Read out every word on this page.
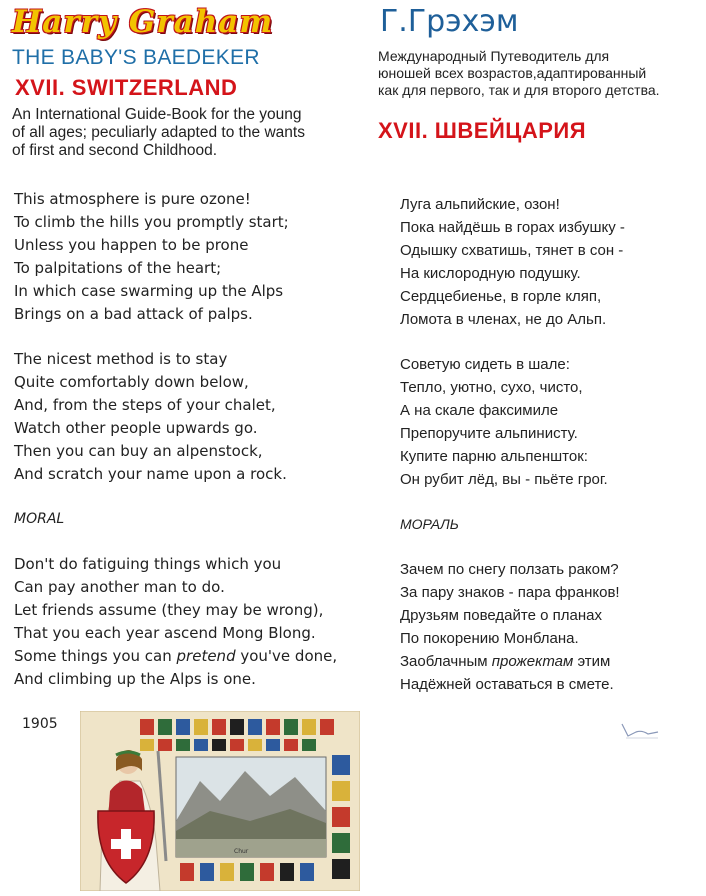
Harry Graham
THE BABY'S BAEDEKER
XVII. SWITZERLAND
An International Guide-Book for the young
of all ages; peculiarly adapted to the wants
of first and second Childhood.
Г.Грэхэм
Международный Путеводитель для
юношей всех возрастов,адаптированный
как для первого, так и для второго детства.
XVII. ШВЕЙЦАРИЯ
This atmosphere is pure ozone!
To climb the hills you promptly start;
Unless you happen to be prone
To palpitations of the heart;
In which case swarming up the Alps
Brings on a bad attack of palps.
The nicest method is to stay
Quite comfortably down below,
And, from the steps of your chalet,
Watch other people upwards go.
Then you can buy an alpenstock,
And scratch your name upon a rock.
MORAL
Don't do fatiguing things which you
Can pay another man to do.
Let friends assume (they may be wrong),
That you each year ascend Mong Blong.
Some things you can pretend you've done,
And climbing up the Alps is one.
Луга альпийские, озон!
Пока найдёшь в горах избушку -
Одышку схватишь, тянет в сон -
На кислородную подушку.
Сердцебиенье, в горле кляп,
Ломота в членах, не до Альп.
Советую сидеть в шале:
Тепло, уютно, сухо, чисто,
А на скале факсимиле
Препоручите альпинисту.
Купите парню альпеншток:
Он рубит лёд, вы - пьёте грог.
МОРАЛЬ
Зачем по снегу ползать раком?
За пару знаков - пара франков!
Друзьям поведайте о планах
По покорению Монблана.
Заоблачным прожектам этим
Надёжней оставаться в смете.
1905
Chur
